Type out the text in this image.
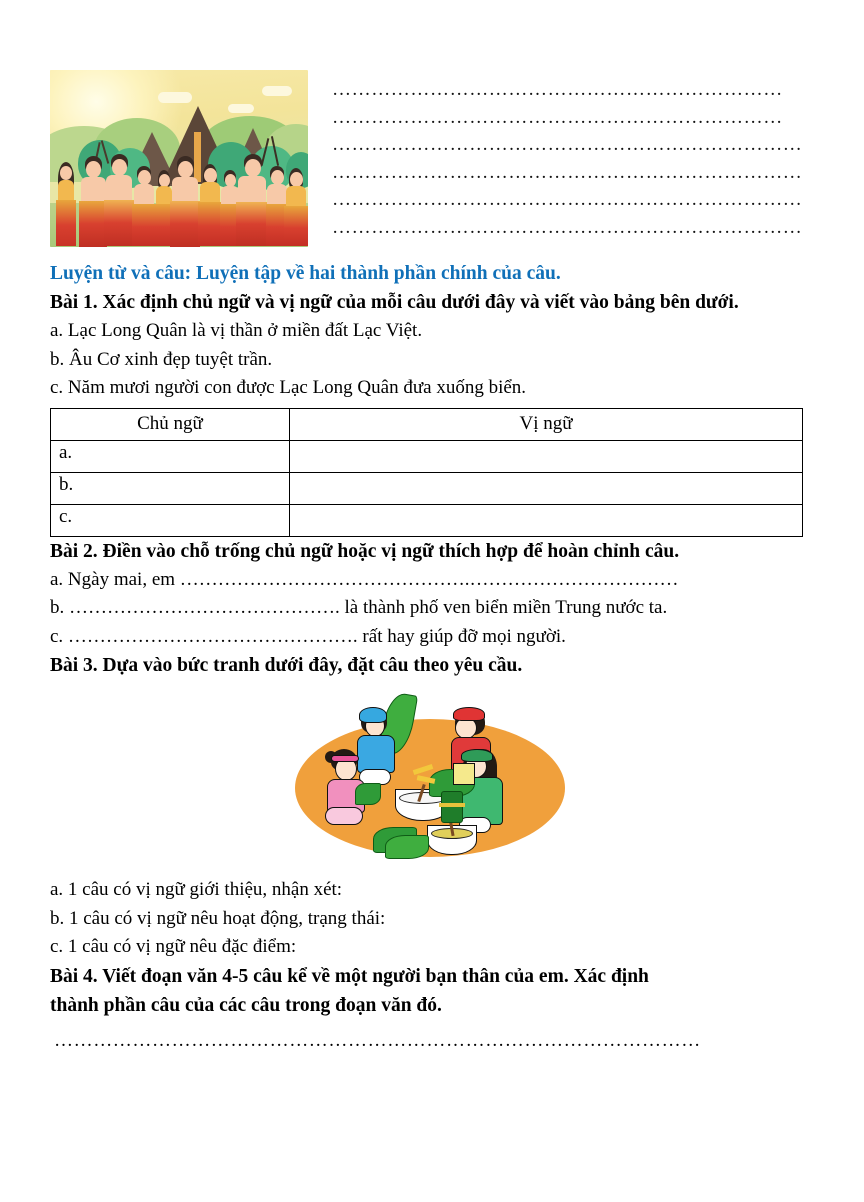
……………………………………………………………
……………………………………………………………
………………………………………………………………
………………………………………………………………
………………………………………………………………
………………………………………………………………
Luyện từ và câu: Luyện tập về hai thành phần chính của câu.
Bài 1. Xác định chủ ngữ và vị ngữ của mỗi câu dưới đây và viết vào bảng bên dưới.
a. Lạc Long Quân là vị thần ở miền đất Lạc Việt.
b. Âu Cơ xinh đẹp tuyệt trần.
c. Năm mươi người con được Lạc Long Quân đưa xuống biển.
Chủ ngữ	Vị ngữ
a.	
b.	
c.	
Bài 2. Điền vào chỗ trống chủ ngữ hoặc vị ngữ thích hợp để hoàn chỉnh câu.
a. Ngày mai, em ……………………………………….……………………………
b. ……………………………………. là thành phố ven biển miền Trung nước ta.
c. ………………………………………. rất hay giúp đỡ mọi người.
Bài 3. Dựa vào bức tranh dưới đây, đặt câu theo yêu cầu.
a. 1 câu có vị ngữ giới thiệu, nhận xét:
b. 1 câu có vị ngữ nêu hoạt động, trạng thái:
c. 1 câu có vị ngữ nêu đặc điểm:
Bài 4. Viết đoạn văn 4-5 câu kể về một người bạn thân của em. Xác định
thành phần câu của các câu trong đoạn văn đó.
………………………………………………………………………………………
